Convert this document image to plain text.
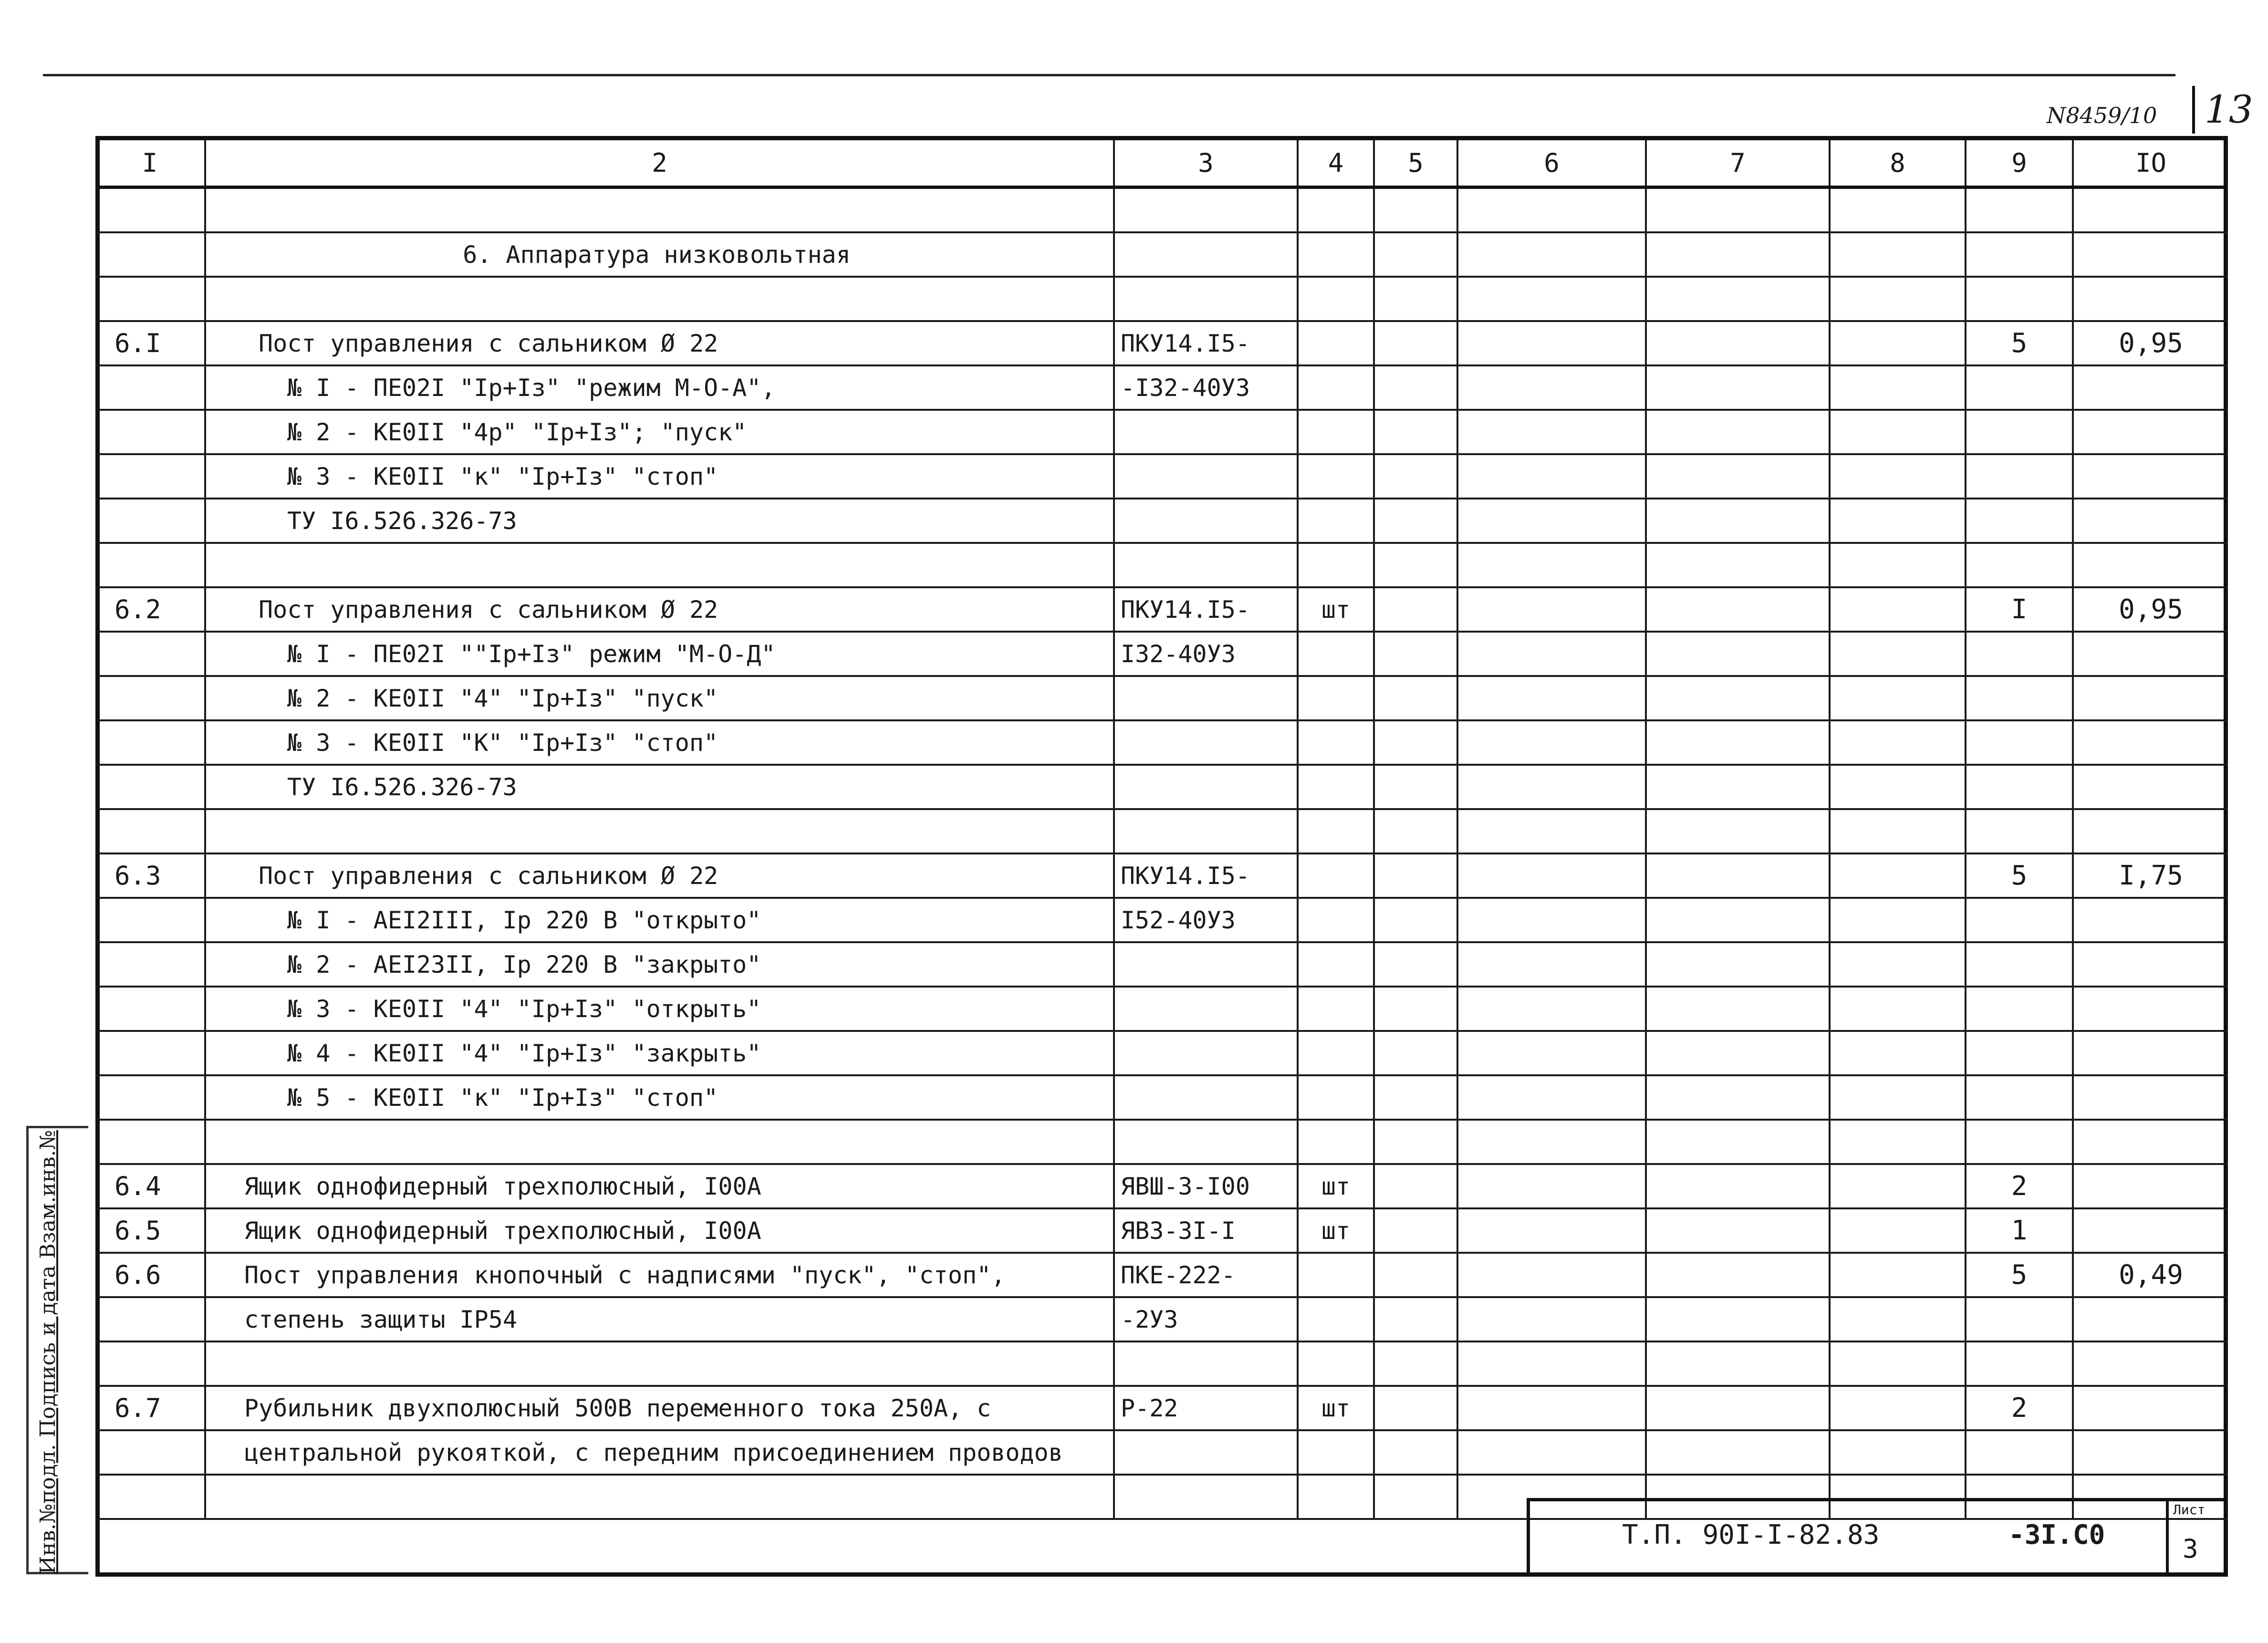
N8459/10	13
I	2	3	4	5	6	7	8	9	IO

	6. Аппаратура низковольтная								

6.I	Пост управления с сальником Ø 22	ПКУ14.I5-						5	0,95
	№ I - ПЕ02I "Iр+Iз" "режим М-О-А",	-I32-40У3							
	№ 2 - КЕ0II "4р" "Iр+Iз"; "пуск"								
	№ 3 - КЕ0II "к" "Iр+Iз" "стоп"								
	ТУ I6.526.326-73								

6.2	Пост управления с сальником Ø 22	ПКУ14.I5-	шт					I	0,95
	№ I - ПЕ02I ""Iр+Iз" режим "М-О-Д"	I32-40У3							
	№ 2 - КЕ0II "4" "Iр+Iз" "пуск"								
	№ 3 - КЕ0II "К" "Iр+Iз" "стоп"								
	ТУ I6.526.326-73								

6.3	Пост управления с сальником Ø 22	ПКУ14.I5-						5	I,75
	№ I - АЕI2III, Iр 220 В "открыто"	I52-40У3							
	№ 2 - АЕI23II, Iр 220 В "закрыто"								
	№ 3 - КЕ0II "4" "Iр+Iз" "открыть"								
	№ 4 - КЕ0II "4" "Iр+Iз" "закрыть"								
	№ 5 - КЕ0II "к" "Iр+Iз" "стоп"								

6.4	Ящик однофидерный трехполюсный, I00А	ЯВШ-3-I00	шт					2	
6.5	Ящик однофидерный трехполюсный, I00А	ЯВЗ-3I-I	шт					1	
6.6	Пост управления кнопочный с надписями "пуск", "стоп",	ПКЕ-222-						5	0,49
	степень защиты IР54	-2У3							

6.7	Рубильник двухполюсный 500В переменного тока 250А, с	Р-22	шт					2	
	центральной рукояткой, с передним присоединением проводов								

Т.П. 90I-I-82.83	-3I.C0
Лист
3
Инв.№подл. Подпись и дата Взам.инв.№
